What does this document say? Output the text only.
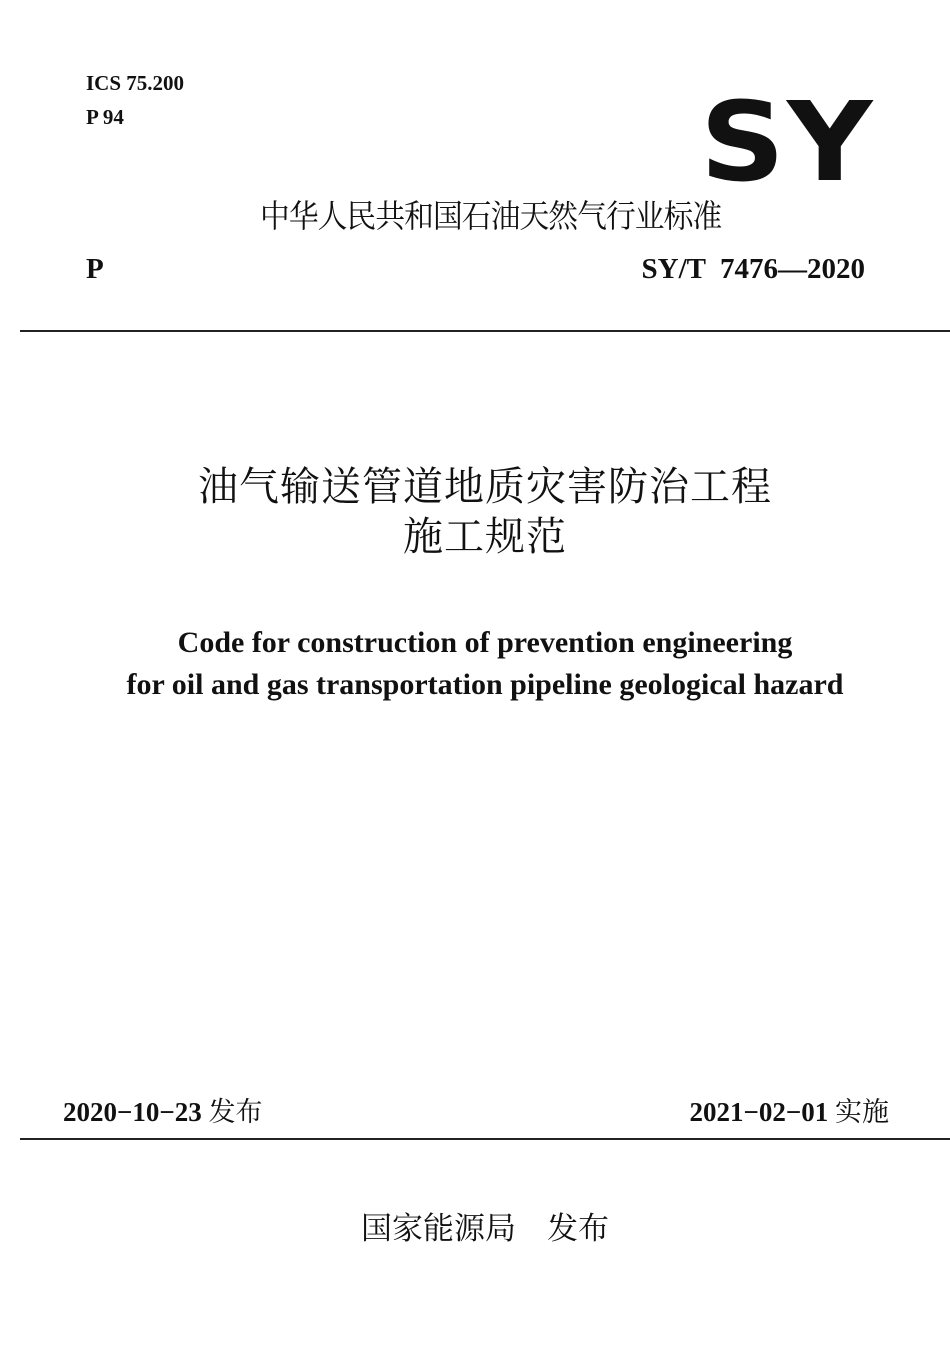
ICS 75.200
P 94	SY
中华人民共和国石油天然气行业标准
P	SY/T  7476—2020
油气输送管道地质灾害防治工程
施工规范
Code for construction of prevention engineering
for oil and gas transportation pipeline geological hazard
2020−10−23 发布	2021−02−01 实施
国家能源局　发布
